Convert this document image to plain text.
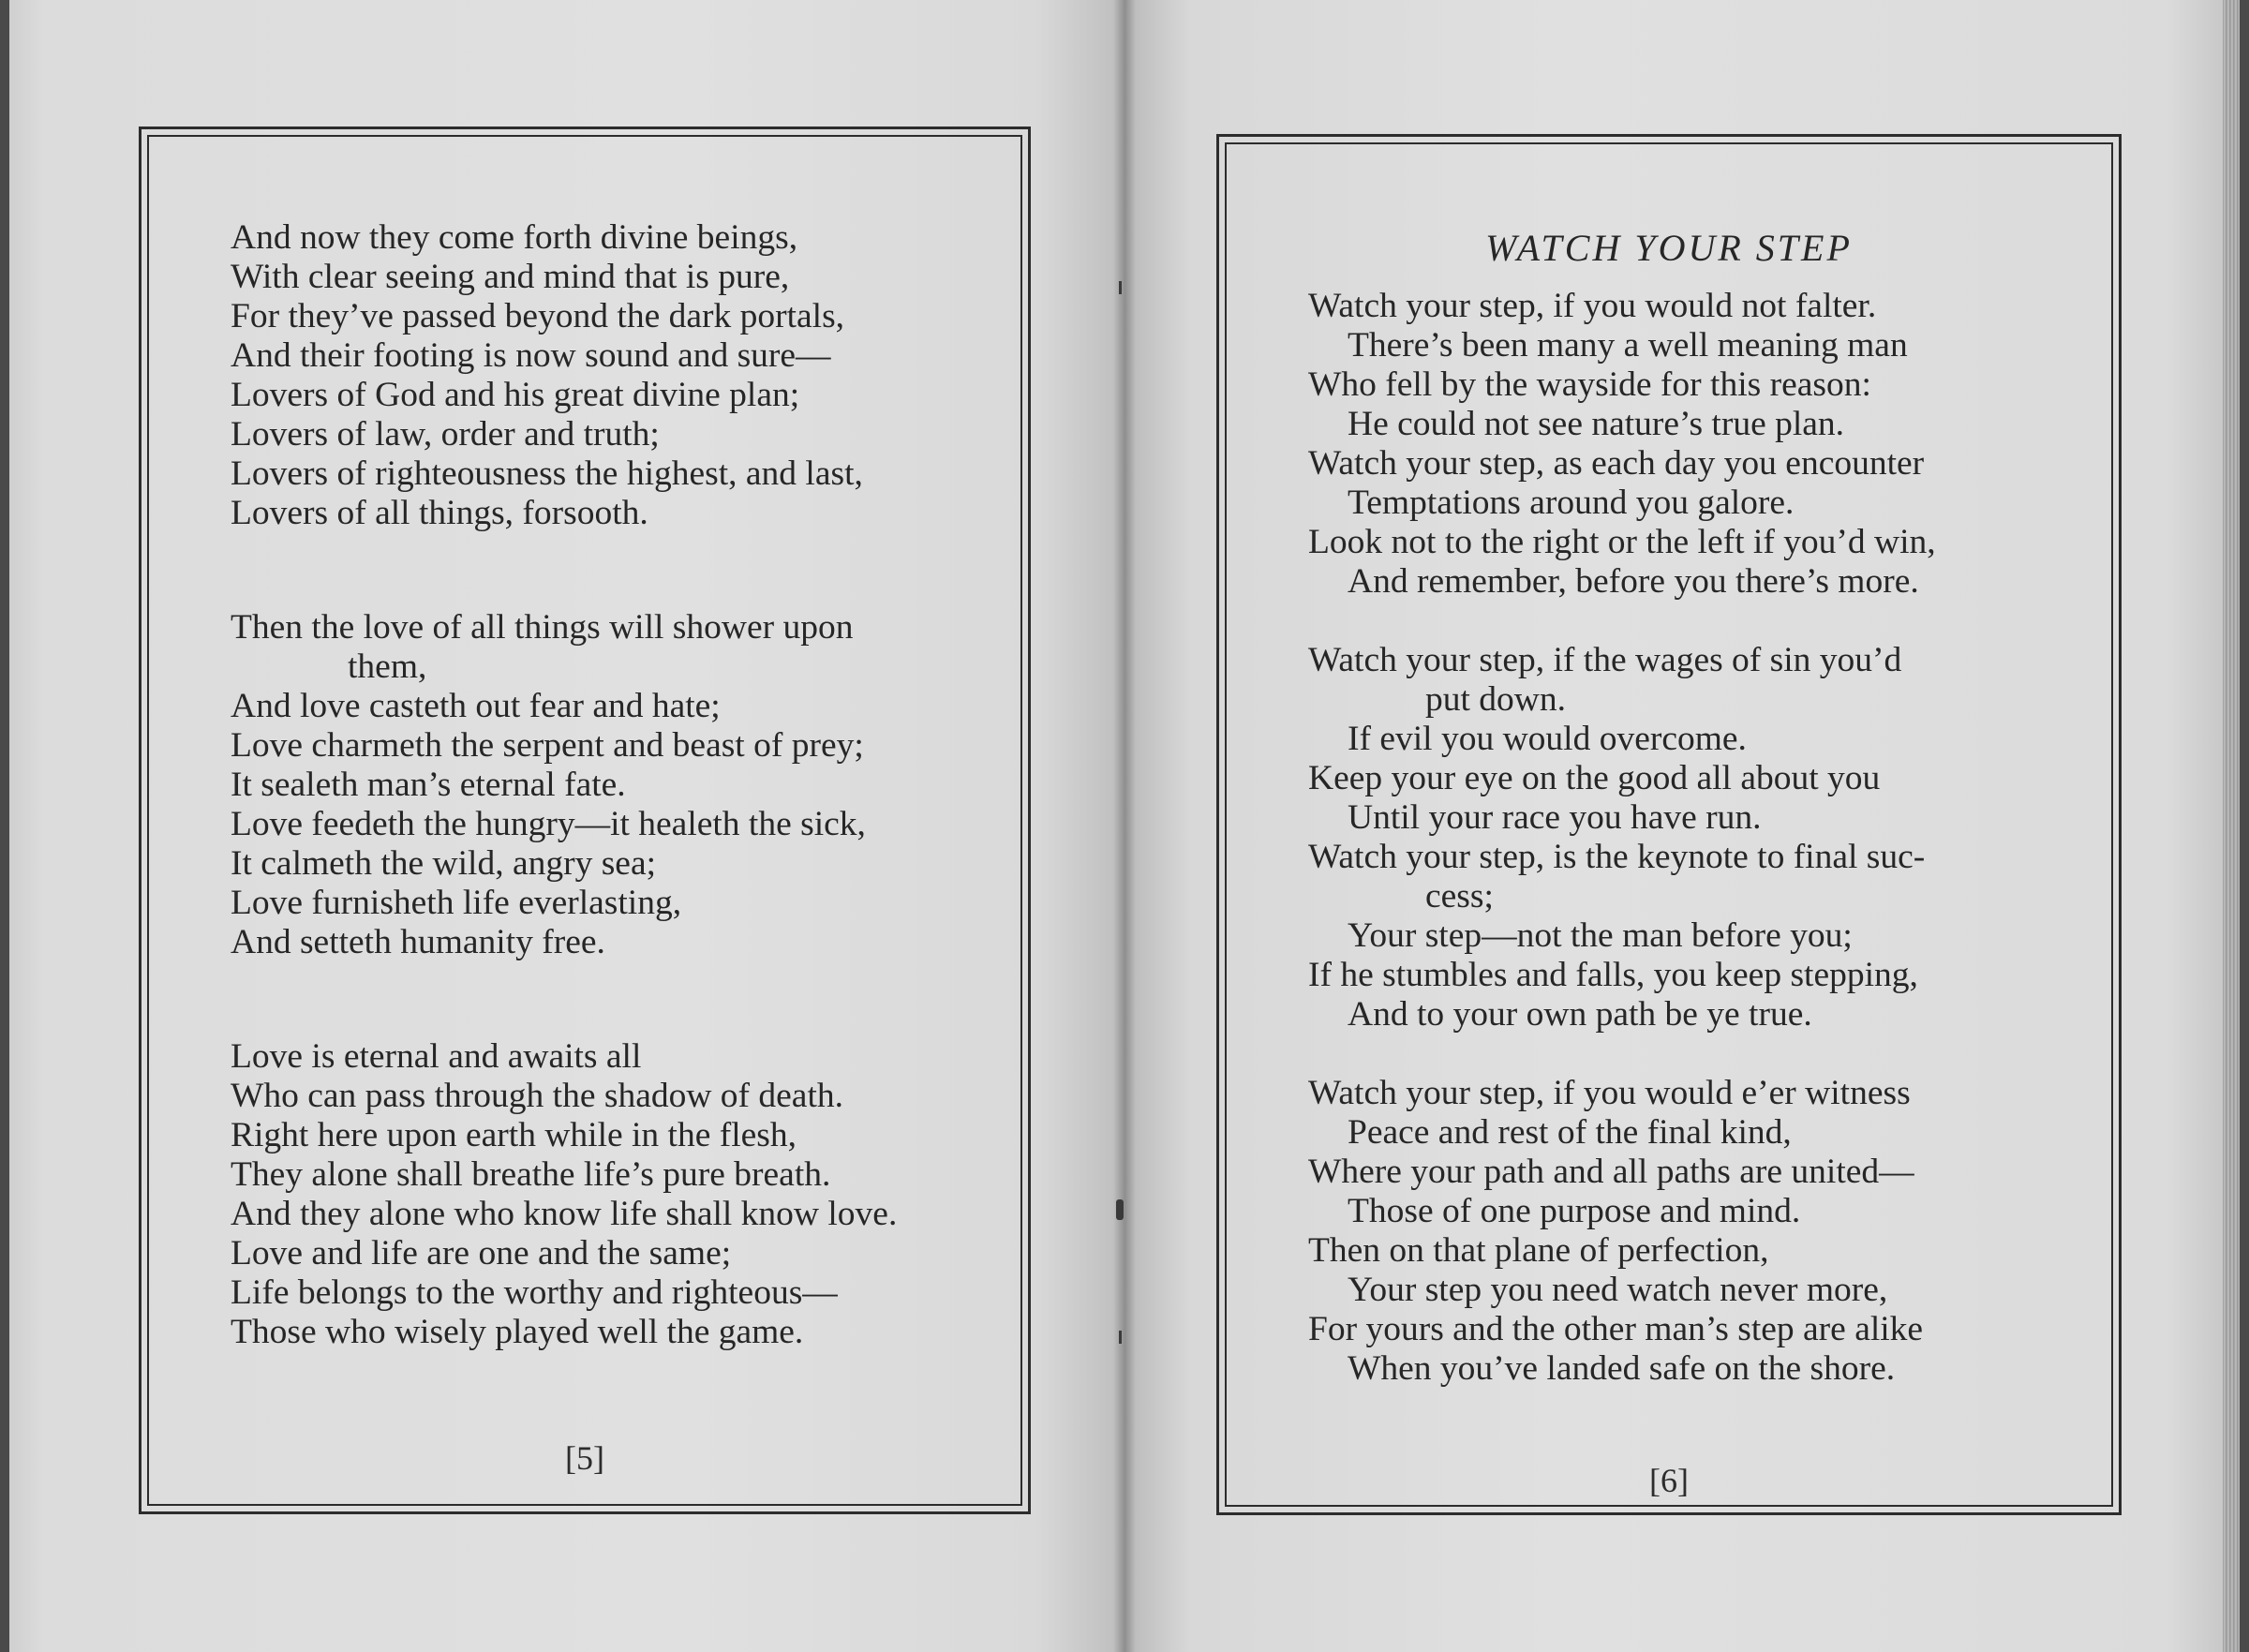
And now they come forth divine beings,
With clear seeing and mind that is pure,
For they’ve passed beyond the dark portals,
And their footing is now sound and sure—
Lovers of God and his great divine plan;
Lovers of law, order and truth;
Lovers of righteousness the highest, and last,
Lovers of all things, forsooth.
Then the love of all things will shower upon
them,
And love casteth out fear and hate;
Love charmeth the serpent and beast of prey;
It sealeth man’s eternal fate.
Love feedeth the hungry—it healeth the sick,
It calmeth the wild, angry sea;
Love furnisheth life everlasting,
And setteth humanity free.
Love is eternal and awaits all
Who can pass through the shadow of death.
Right here upon earth while in the flesh,
They alone shall breathe life’s pure breath.
And they alone who know life shall know love.
Love and life are one and the same;
Life belongs to the worthy and righteous—
Those who wisely played well the game.
[5]
WATCH YOUR STEP
Watch your step, if you would not falter.
There’s been many a well meaning man
Who fell by the wayside for this reason:
He could not see nature’s true plan.
Watch your step, as each day you encounter
Temptations around you galore.
Look not to the right or the left if you’d win,
And remember, before you there’s more.
Watch your step, if the wages of sin you’d
put down.
If evil you would overcome.
Keep your eye on the good all about you
Until your race you have run.
Watch your step, is the keynote to final suc-
cess;
Your step—not the man before you;
If he stumbles and falls, you keep stepping,
And to your own path be ye true.
Watch your step, if you would e’er witness
Peace and rest of the final kind,
Where your path and all paths are united—
Those of one purpose and mind.
Then on that plane of perfection,
Your step you need watch never more,
For yours and the other man’s step are alike
When you’ve landed safe on the shore.
[6]
